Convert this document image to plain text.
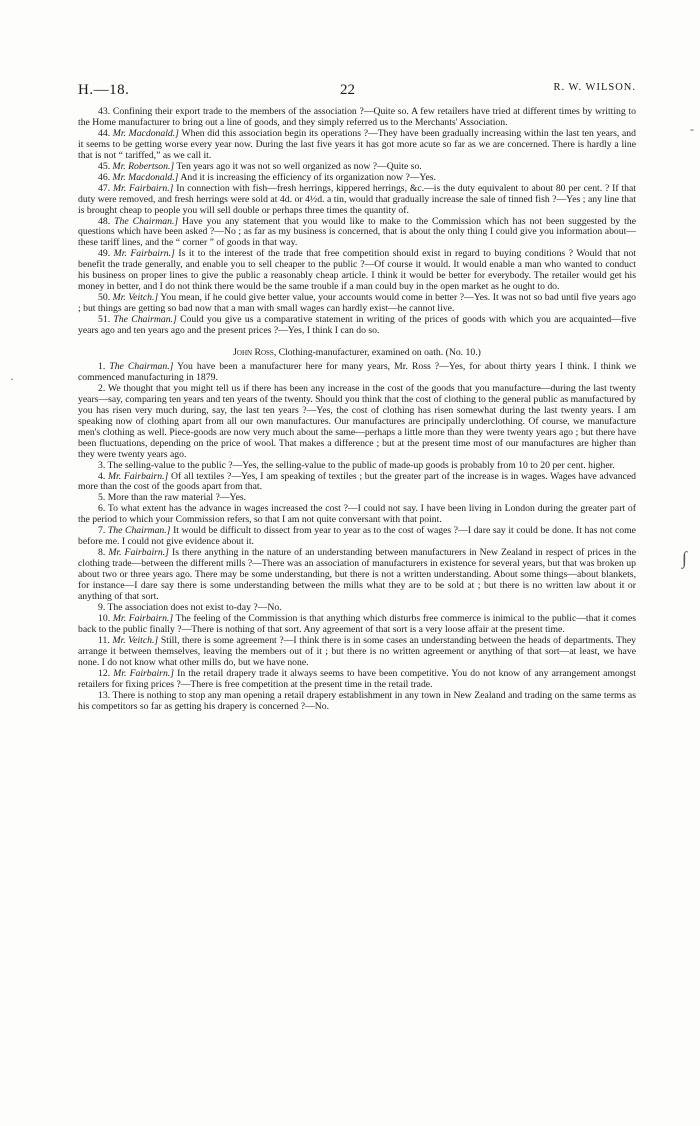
H.—18.	22	R. W. WILSON.

43. Confining their export trade to the members of the association ?—Quite so. A few retailers have tried at different times by writting to the Home manufacturer to bring out a line of goods, and they simply referred us to the Merchants' Association.

44. Mr. Macdonald.] When did this association begin its operations ?—They have been gradually increasing within the last ten years, and it seems to be getting worse every year now. During the last five years it has got more acute so far as we are concerned. There is hardly a line that is not “ tariffed,” as we call it.

45. Mr. Robertson.] Ten years ago it was not so well organized as now ?—Quite so.

46. Mr. Macdonald.] And it is increasing the efficiency of its organization now ?—Yes.

47. Mr. Fairbairn.] In connection with fish—fresh herrings, kippered herrings, &c.—is the duty equivalent to about 80 per cent. ? If that duty were removed, and fresh herrings were sold at 4d. or 4½d. a tin, would that gradually increase the sale of tinned fish ?—Yes ; any line that is brought cheap to people you will sell double or perhaps three times the quantity of.

48. The Chairman.] Have you any statement that you would like to make to the Commission which has not been suggested by the questions which have been asked ?—No ; as far as my business is concerned, that is about the only thing I could give you information about—these tariff lines, and the “ corner ” of goods in that way.

49. Mr. Fairbairn.] Is it to the interest of the trade that free competition should exist in regard to buying conditions ? Would that not benefit the trade generally, and enable you to sell cheaper to the public ?—Of course it would. It would enable a man who wanted to conduct his business on proper lines to give the public a reasonably cheap article. I think it would be better for everybody. The retailer would get his money in better, and I do not think there would be the same trouble if a man could buy in the open market as he ought to do.

50. Mr. Veitch.] You mean, if he could give better value, your accounts would come in better ?—Yes. It was not so bad until five years ago ; but things are getting so bad now that a man with small wages can hardly exist—he cannot live.

51. The Chairman.] Could you give us a comparative statement in writing of the prices of goods with which you are acquainted—five years ago and ten years ago and the present prices ?—Yes, I think I can do so.

John Ross, Clothing-manufacturer, examined on oath. (No. 10.)

1. The Chairman.] You have been a manufacturer here for many years, Mr. Ross ?—Yes, for about thirty years I think. I think we commenced manufacturing in 1879.

2. We thought that you might tell us if there has been any increase in the cost of the goods that you manufacture—during the last twenty years—say, comparing ten years and ten years of the twenty. Should you think that the cost of clothing to the general public as manufactured by you has risen very much during, say, the last ten years ?—Yes, the cost of clothing has risen somewhat during the last twenty years. I am speaking now of clothing apart from all our own manufactures. Our manufactures are principally underclothing. Of course, we manufacture men's clothing as well. Piece-goods are now very much about the same—perhaps a little more than they were twenty years ago ; but there have been fluctuations, depending on the price of wool. That makes a difference ; but at the present time most of our manufactures are higher than they were twenty years ago.

3. The selling-value to the public ?—Yes, the selling-value to the public of made-up goods is probably from 10 to 20 per cent. higher.

4. Mr. Fairbairn.] Of all textiles ?—Yes, I am speaking of textiles ; but the greater part of the increase is in wages. Wages have advanced more than the cost of the goods apart from that.

5. More than the raw material ?—Yes.

6. To what extent has the advance in wages increased the cost ?—I could not say. I have been living in London during the greater part of the period to which your Commission refers, so that I am not quite conversant with that point.

7. The Chairman.] It would be difficult to dissect from year to year as to the cost of wages ?—I dare say it could be done. It has not come before me. I could not give evidence about it.

8. Mr. Fairbairn.] Is there anything in the nature of an understanding between manufacturers in New Zealand in respect of prices in the clothing trade—between the different mills ?—There was an association of manufacturers in existence for several years, but that was broken up about two or three years ago. There may be some understanding, but there is not a written understanding. About some things—about blankets, for instance—I dare say there is some understanding between the mills what they are to be sold at ; but there is no written law about it or anything of that sort.

9. The association does not exist to-day ?—No.

10. Mr. Fairbairn.] The feeling of the Commission is that anything which disturbs free commerce is inimical to the public—that it comes back to the public finally ?—There is nothing of that sort. Any agreement of that sort is a very loose affair at the present time.

11. Mr. Veitch.] Still, there is some agreement ?—I think there is in some cases an understanding between the heads of departments. They arrange it between themselves, leaving the members out of it ; but there is no written agreement or anything of that sort—at least, we have none. I do not know what other mills do, but we have none.

12. Mr. Fairbairn.] In the retail drapery trade it always seems to have been competitive. You do not know of any arrangement amongst retailers for fixing prices ?—There is free competition at the present time in the retail trade.

13. There is nothing to stop any man opening a retail drapery establishment in any town in New Zealand and trading on the same terms as his competitors so far as getting his drapery is concerned ?—No.

‐
·
∫
